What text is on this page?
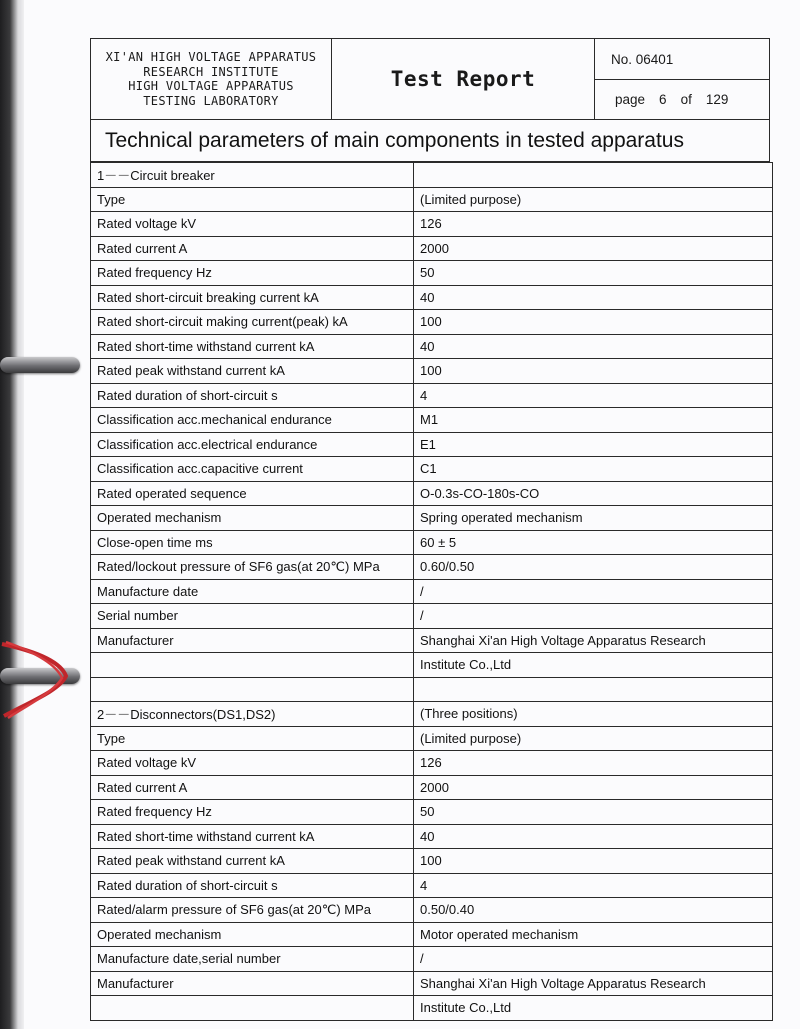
XI'AN HIGH VOLTAGE APPARATUS
RESEARCH INSTITUTE
HIGH VOLTAGE APPARATUS
TESTING LABORATORY
Test Report
No. 06401
page 6 of 129
Technical parameters of main components in tested apparatus
1－－Circuit breaker	
Type	(Limited purpose)
Rated voltage kV	126
Rated current A	2000
Rated frequency Hz	50
Rated short-circuit breaking current kA	40
Rated short-circuit making current(peak) kA	100
Rated short-time withstand current kA	40
Rated peak withstand current kA	100
Rated duration of short-circuit s	4
Classification acc.mechanical endurance	M1
Classification acc.electrical endurance	E1
Classification acc.capacitive current	C1
Rated operated sequence	O-0.3s-CO-180s-CO
Operated mechanism	Spring operated mechanism
Close-open time ms	60 ± 5
Rated/lockout pressure of SF6 gas(at 20℃) MPa	0.60/0.50
Manufacture date	/
Serial number	/
Manufacturer	Shanghai Xi'an High Voltage Apparatus Research
	Institute Co.,Ltd

2－－Disconnectors(DS1,DS2)	(Three positions)
Type	(Limited purpose)
Rated voltage kV	126
Rated current A	2000
Rated frequency Hz	50
Rated short-time withstand current kA	40
Rated peak withstand current kA	100
Rated duration of short-circuit s	4
Rated/alarm pressure of SF6 gas(at 20℃) MPa	0.50/0.40
Operated mechanism	Motor operated mechanism
Manufacture date,serial number	/
Manufacturer	Shanghai Xi'an High Voltage Apparatus Research
	Institute Co.,Ltd
